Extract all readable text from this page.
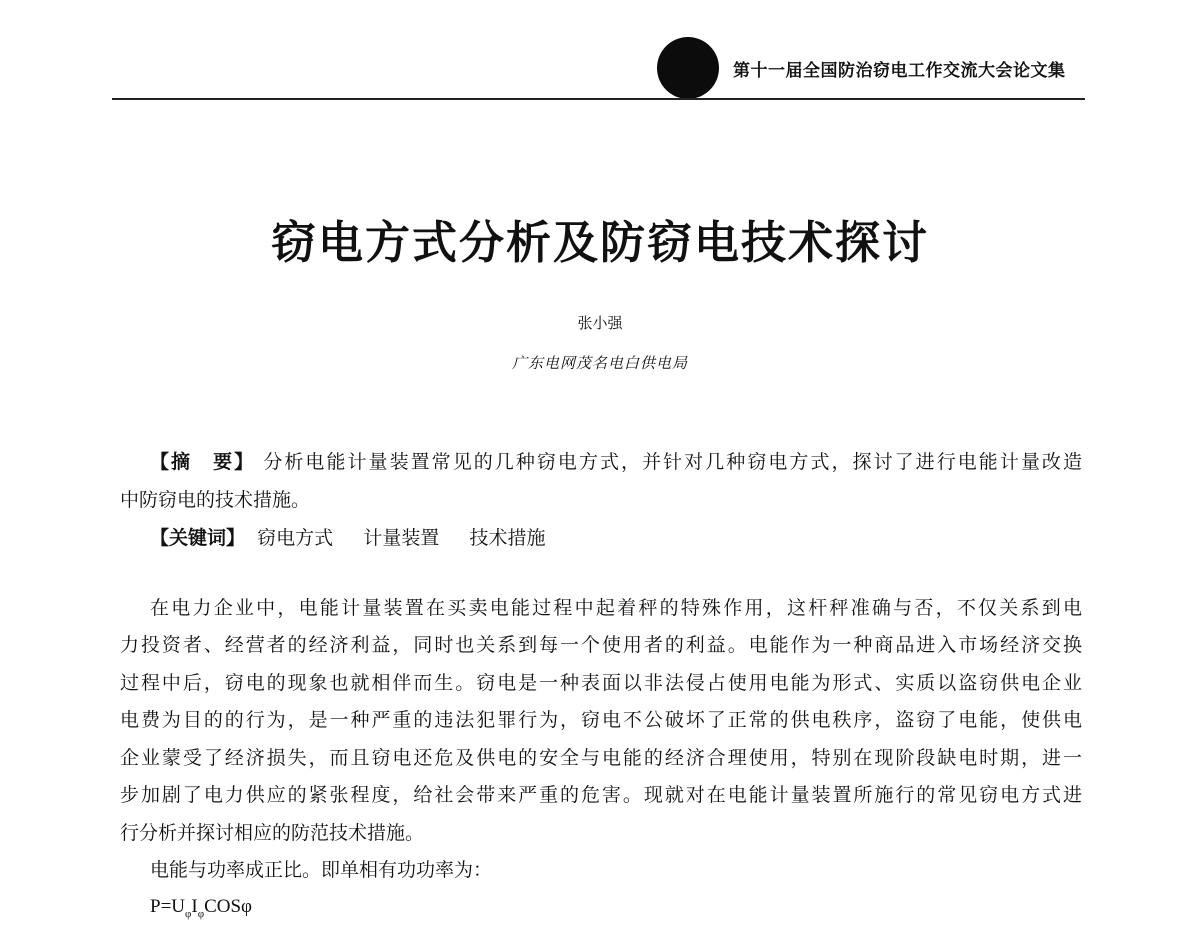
第十一届全国防治窃电工作交流大会论文集
窃电方式分析及防窃电技术探讨
张小强
广东电网茂名电白供电局
【摘　要】 分析电能计量装置常见的几种窃电方式，并针对几种窃电方式，探讨了进行电能计量改造
中防窃电的技术措施。
【关键词】 窃电方式 计量装置 技术措施
在电力企业中，电能计量装置在买卖电能过程中起着秤的特殊作用，这杆秤准确与否，不仅关系到电
力投资者、经营者的经济利益，同时也关系到每一个使用者的利益。电能作为一种商品进入市场经济交换
过程中后，窃电的现象也就相伴而生。窃电是一种表面以非法侵占使用电能为形式、实质以盗窃供电企业
电费为目的的行为，是一种严重的违法犯罪行为，窃电不公破坏了正常的供电秩序，盗窃了电能，使供电
企业蒙受了经济损失，而且窃电还危及供电的安全与电能的经济合理使用，特别在现阶段缺电时期，进一
步加剧了电力供应的紧张程度，给社会带来严重的危害。现就对在电能计量装置所施行的常见窃电方式进
行分析并探讨相应的防范技术措施。
电能与功率成正比。即单相有功功率为：
$P=U_\varphi I_\varphi COS\varphi$
